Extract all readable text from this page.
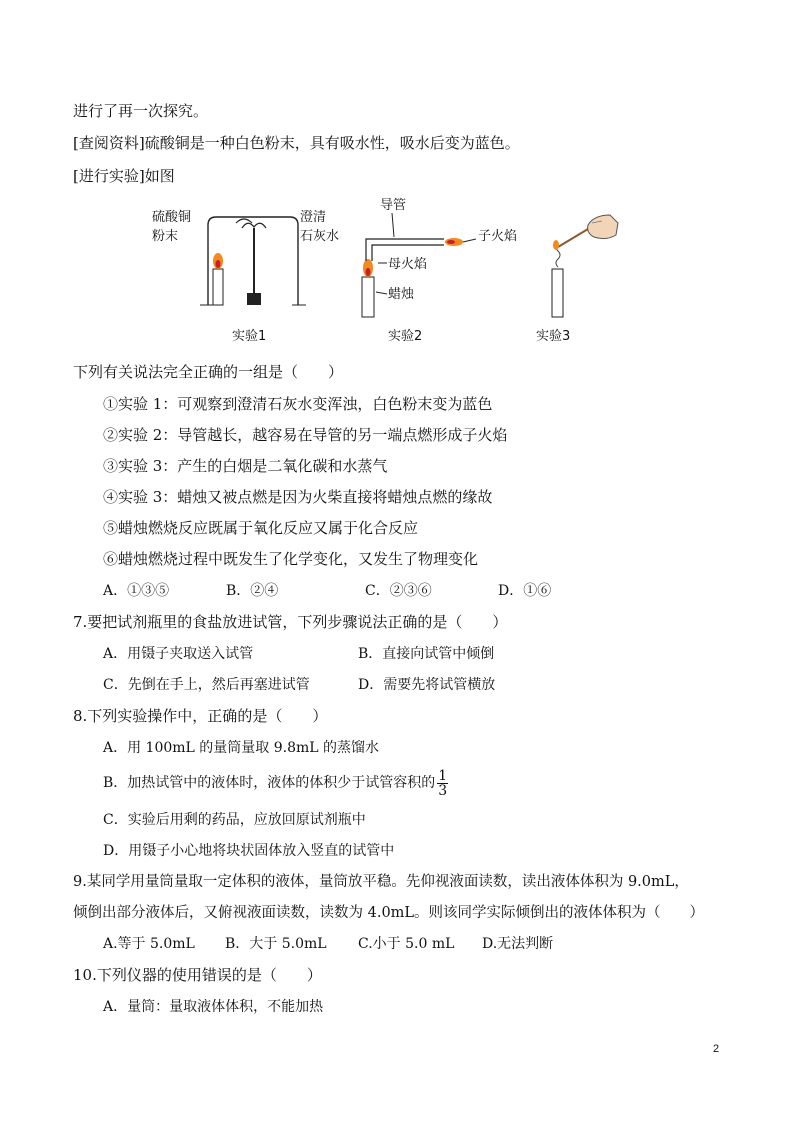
进行了再一次探究。
[查阅资料]硫酸铜是一种白色粉末，具有吸水性，吸水后变为蓝色。
[进行实验]如图
硫酸铜
粉末
澄清
石灰水
实验1
导管
子火焰
母火焰
蜡烛
实验2	实验3
下列有关说法完全正确的一组是（　　）
①实验 1：可观察到澄清石灰水变浑浊，白色粉末变为蓝色
②实验 2：导管越长，越容易在导管的另一端点燃形成子火焰
③实验 3：产生的白烟是二氧化碳和水蒸气
④实验 3：蜡烛又被点燃是因为火柴直接将蜡烛点燃的缘故
⑤蜡烛燃烧反应既属于氧化反应又属于化合反应
⑥蜡烛燃烧过程中既发生了化学变化，又发生了物理变化
A．①③⑤	B．②④	C．②③⑥	D．①⑥
7.要把试剂瓶里的食盐放进试管，下列步骤说法正确的是（　　）
A．用镊子夹取送入试管	B．直接向试管中倾倒
C．先倒在手上，然后再塞进试管	D．需要先将试管横放
8.下列实验操作中，正确的是（　　）
A．用 100mL 的量筒量取 9.8mL 的蒸馏水
B．加热试管中的液体时，液体的体积少于试管容积的 $\frac{1}{3}$
C．实验后用剩的药品，应放回原试剂瓶中
D．用镊子小心地将块状固体放入竖直的试管中
9.某同学用量筒量取一定体积的液体，量筒放平稳。先仰视液面读数，读出液体体积为 9.0mL，
倾倒出部分液体后，又俯视液面读数，读数为 4.0mL。则该同学实际倾倒出的液体体积为（　　）
A.等于 5.0mL B．大于 5.0mL C.小于 5.0 mL D.无法判断
10.下列仪器的使用错误的是（　　）
A．量筒：量取液体体积，不能加热
2
